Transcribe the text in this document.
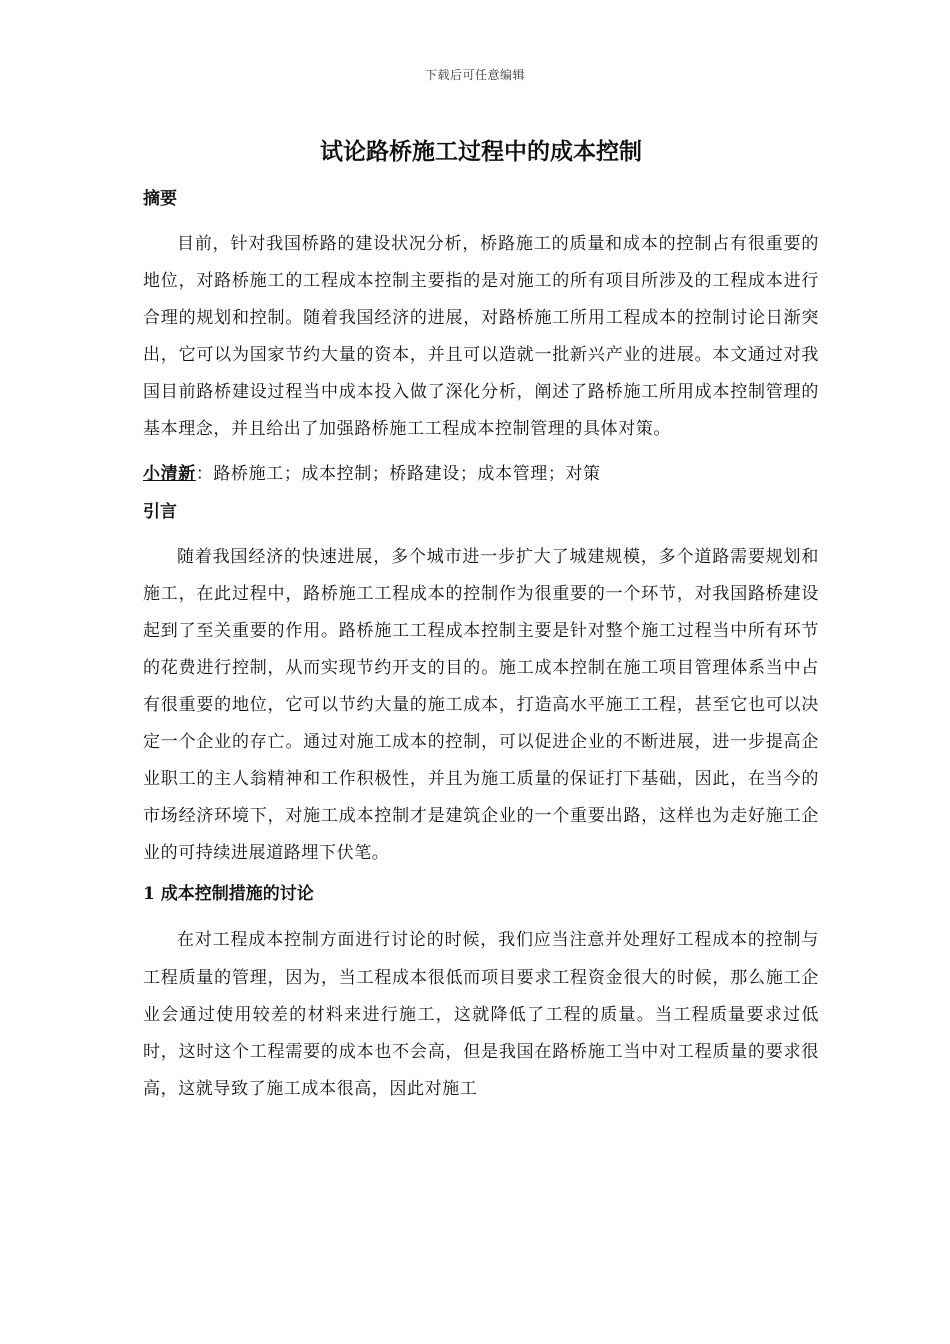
下载后可任意编辑
试论路桥施工过程中的成本控制
摘要

目前，针对我国桥路的建设状况分析，桥路施工的质量和成本的控制占有很重要的地位，对路桥施工的工程成本控制主要指的是对施工的所有项目所涉及的工程成本进行合理的规划和控制。随着我国经济的进展，对路桥施工所用工程成本的控制讨论日渐突出，它可以为国家节约大量的资本，并且可以造就一批新兴产业的进展。本文通过对我国目前路桥建设过程当中成本投入做了深化分析，阐述了路桥施工所用成本控制管理的基本理念，并且给出了加强路桥施工工程成本控制管理的具体对策。

小清新：路桥施工；成本控制；桥路建设；成本管理；对策

引言

随着我国经济的快速进展，多个城市进一步扩大了城建规模，多个道路需要规划和施工，在此过程中，路桥施工工程成本的控制作为很重要的一个环节，对我国路桥建设起到了至关重要的作用。路桥施工工程成本控制主要是针对整个施工过程当中所有环节的花费进行控制，从而实现节约开支的目的。施工成本控制在施工项目管理体系当中占有很重要的地位，它可以节约大量的施工成本，打造高水平施工工程，甚至它也可以决定一个企业的存亡。通过对施工成本的控制，可以促进企业的不断进展，进一步提高企业职工的主人翁精神和工作积极性，并且为施工质量的保证打下基础，因此，在当今的市场经济环境下，对施工成本控制才是建筑企业的一个重要出路，这样也为走好施工企业的可持续进展道路埋下伏笔。

1 成本控制措施的讨论

在对工程成本控制方面进行讨论的时候，我们应当注意并处理好工程成本的控制与工程质量的管理，因为，当工程成本很低而项目要求工程资金很大的时候，那么施工企业会通过使用较差的材料来进行施工，这就降低了工程的质量。当工程质量要求过低时，这时这个工程需要的成本也不会高，但是我国在路桥施工当中对工程质量的要求很高，这就导致了施工成本很高，因此对施工
